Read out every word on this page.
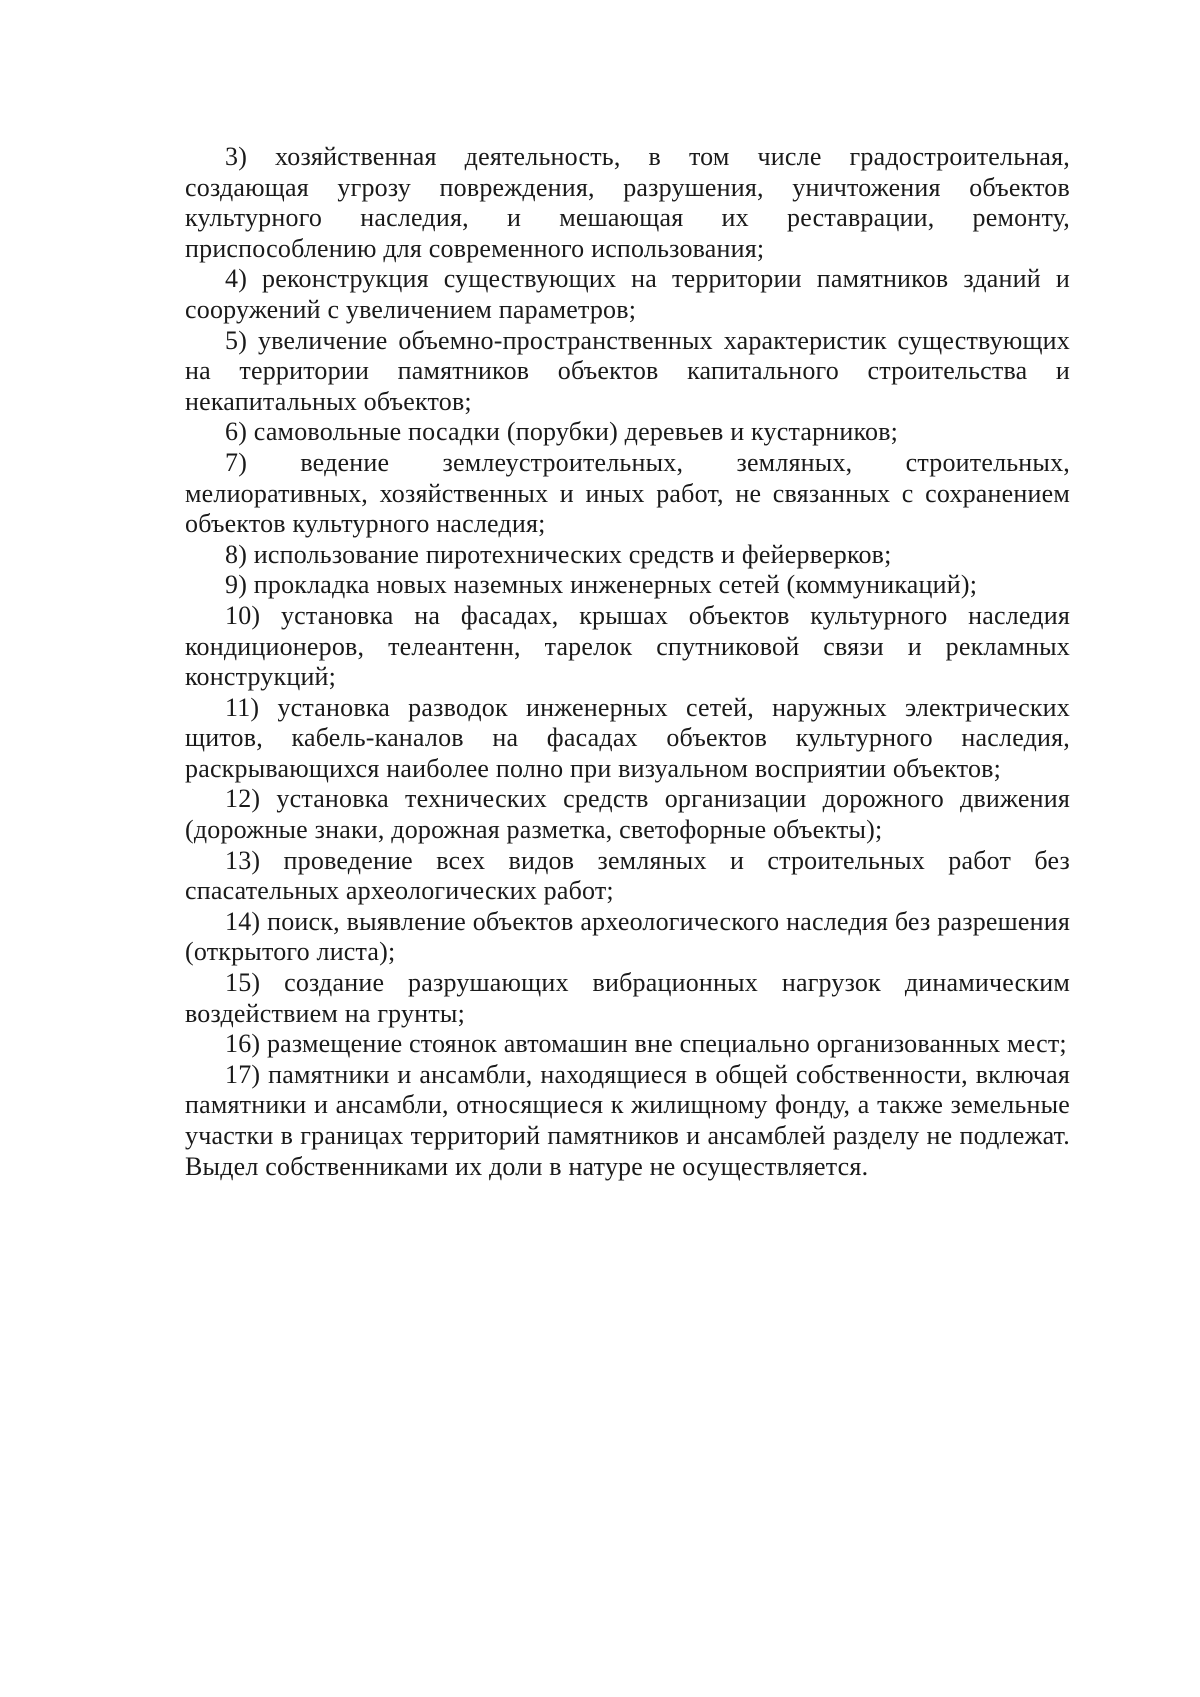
3) хозяйственная деятельность, в том числе градостроительная, создающая угрозу повреждения, разрушения, уничтожения объектов культурного наследия, и мешающая их реставрации, ремонту, приспособлению для современного использования;

4) реконструкция существующих на территории памятников зданий и сооружений с увеличением параметров;

5) увеличение объемно-пространственных характеристик существующих на территории памятников объектов капитального строительства и некапитальных объектов;

6) самовольные посадки (порубки) деревьев и кустарников;

7) ведение землеустроительных, земляных, строительных, мелиоративных, хозяйственных и иных работ, не связанных с сохранением объектов культурного наследия;

8) использование пиротехнических средств и фейерверков;

9) прокладка новых наземных инженерных сетей (коммуникаций);

10) установка на фасадах, крышах объектов культурного наследия кондиционеров, телеантенн, тарелок спутниковой связи и рекламных конструкций;

11) установка разводок инженерных сетей, наружных электрических щитов, кабель-каналов на фасадах объектов культурного наследия, раскрывающихся наиболее полно при визуальном восприятии объектов;

12) установка технических средств организации дорожного движения (дорожные знаки, дорожная разметка, светофорные объекты);

13) проведение всех видов земляных и строительных работ без спасательных археологических работ;

14) поиск, выявление объектов археологического наследия без разрешения (открытого листа);

15) создание разрушающих вибрационных нагрузок динамическим воздействием на грунты;

16) размещение стоянок автомашин вне специально организованных мест;

17) памятники и ансамбли, находящиеся в общей собственности, включая памятники и ансамбли, относящиеся к жилищному фонду, а также земельные участки в границах территорий памятников и ансамблей разделу не подлежат. Выдел собственниками их доли в натуре не осуществляется.
